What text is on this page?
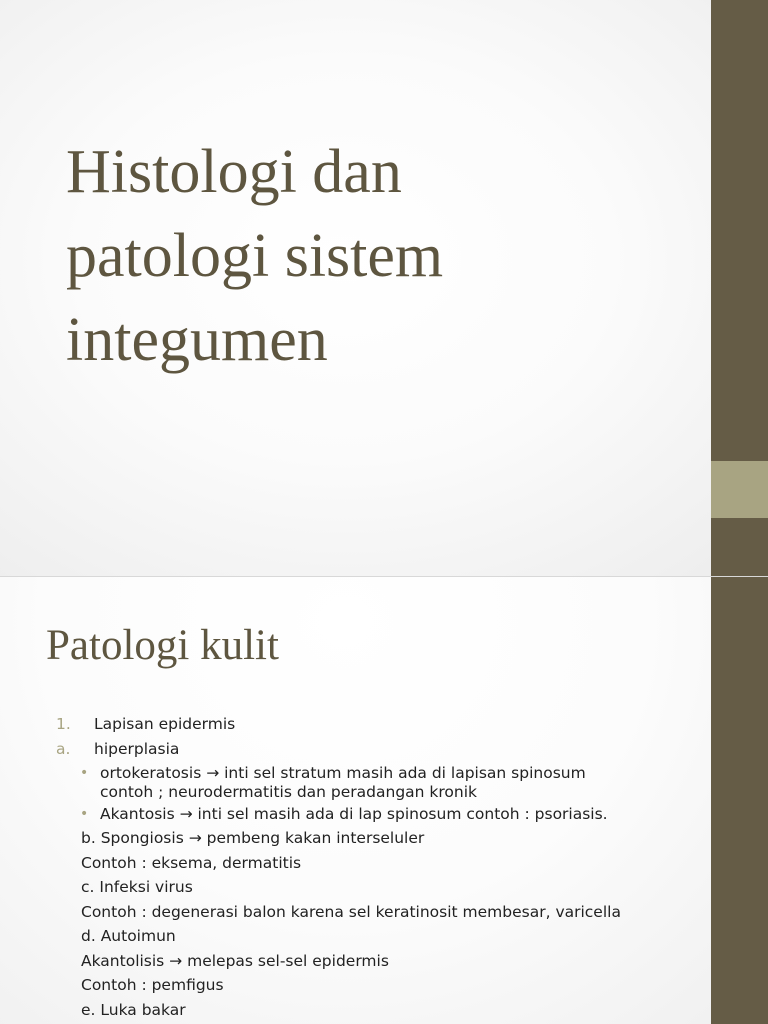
Histologi dan
patologi sistem
integumen
Patologi kulit
1. Lapisan epidermis
a. hiperplasia
• ortokeratosis → inti sel stratum masih ada di lapisan spinosum
contoh ; neurodermatitis dan peradangan kronik
• Akantosis → inti sel masih ada di lap spinosum contoh : psoriasis.
b. Spongiosis → pembeng kakan interseluler
Contoh : eksema, dermatitis
c. Infeksi virus
Contoh : degenerasi balon karena sel keratinosit membesar, varicella
d. Autoimun
Akantolisis → melepas sel-sel epidermis
Contoh : pemfigus
e. Luka bakar
